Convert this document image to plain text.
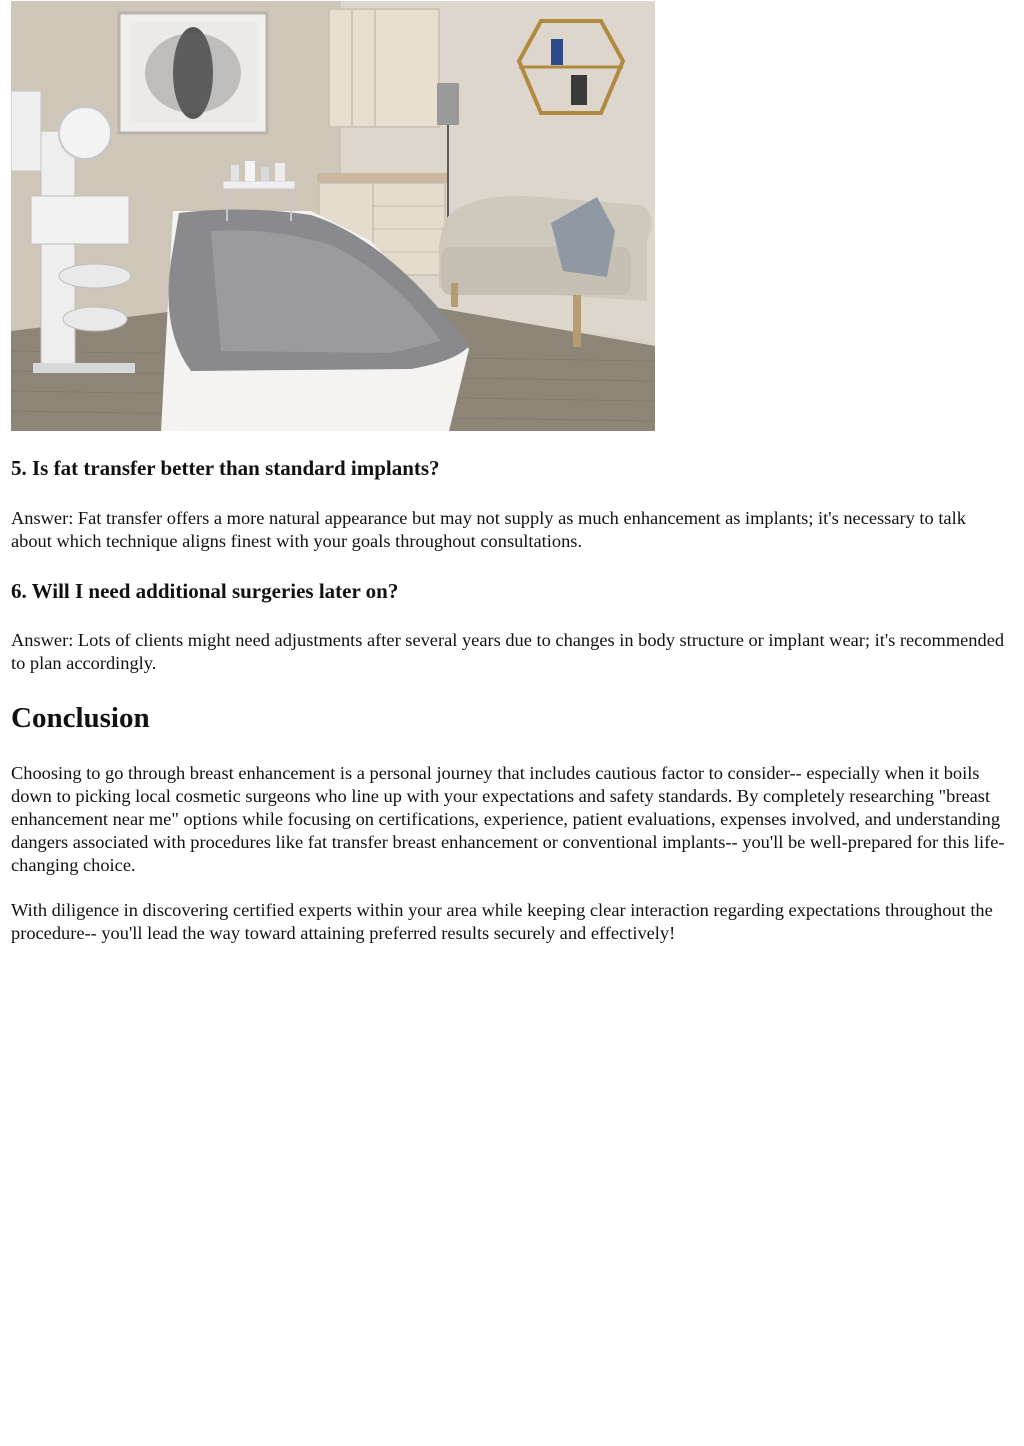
5. Is fat transfer better than standard implants?

Answer: Fat transfer offers a more natural appearance but may not supply as much enhancement as implants; it's necessary to talk about which technique aligns finest with your goals throughout consultations.

6. Will I need additional surgeries later on?

Answer: Lots of clients might need adjustments after several years due to changes in body structure or implant wear; it's recommended to plan accordingly.

Conclusion

Choosing to go through breast enhancement is a personal journey that includes cautious factor to consider-- especially when it boils down to picking local cosmetic surgeons who line up with your expectations and safety standards. By completely researching "breast enhancement near me" options while focusing on certifications, experience, patient evaluations, expenses involved, and understanding dangers associated with procedures like fat transfer breast enhancement or conventional implants-- you'll be well-prepared for this life-changing choice.

With diligence in discovering certified experts within your area while keeping clear interaction regarding expectations throughout the procedure-- you'll lead the way toward attaining preferred results securely and effectively!
